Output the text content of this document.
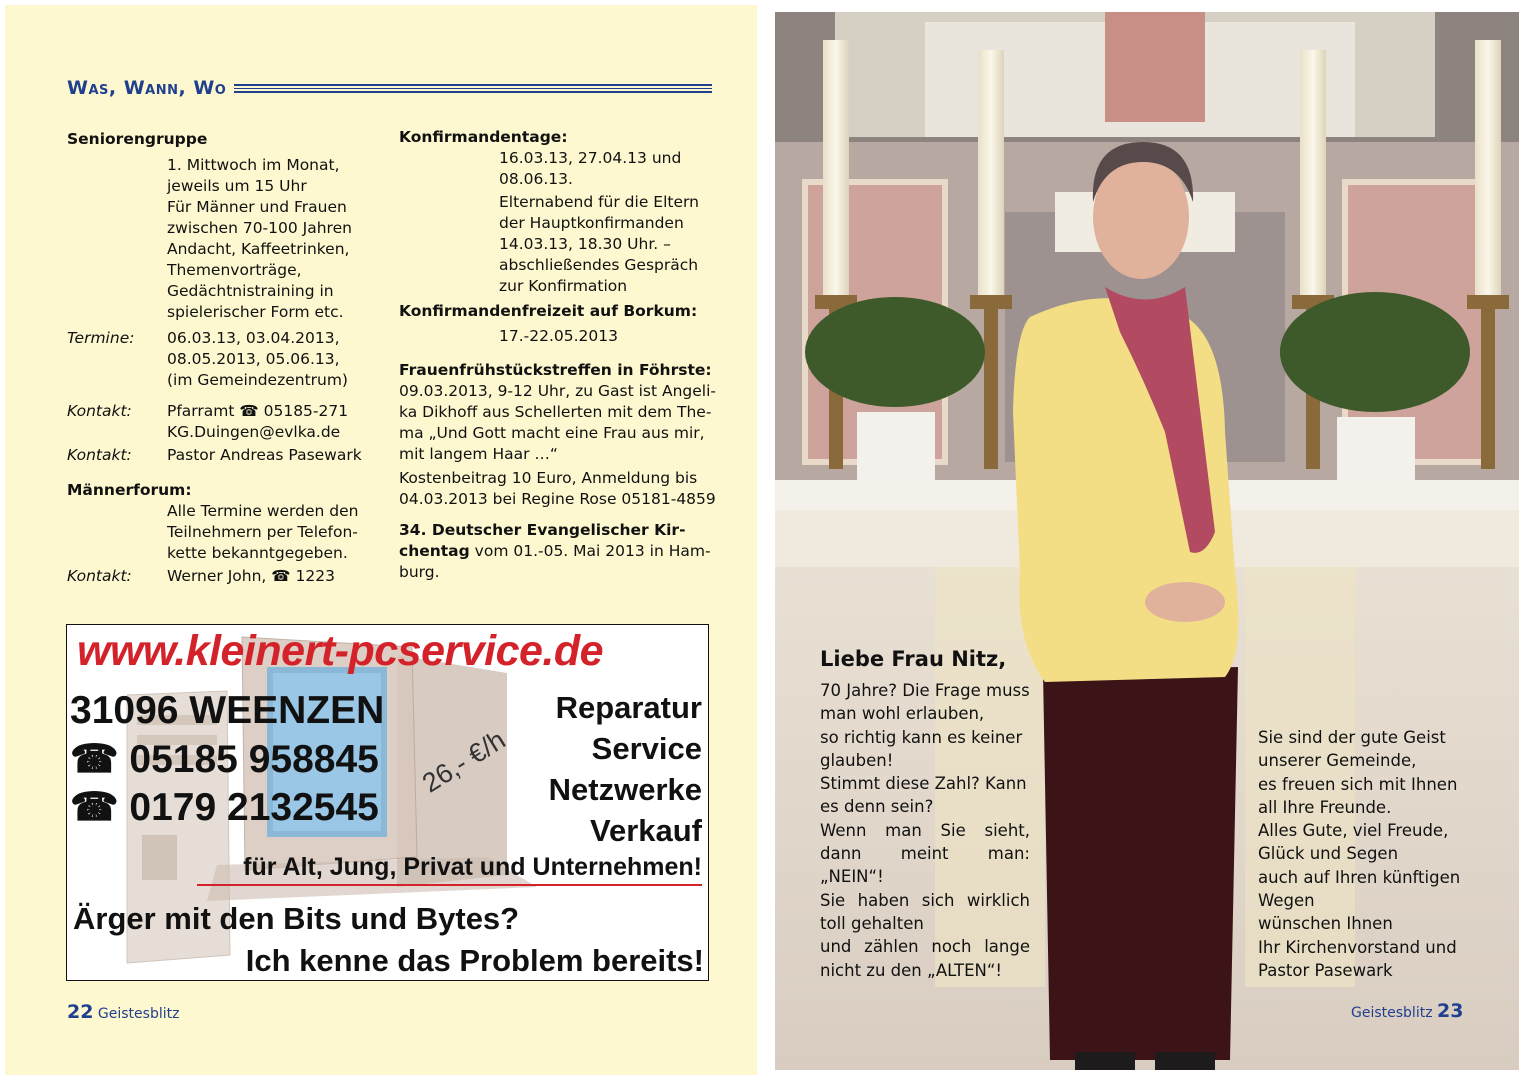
Was, Wann, Wo
Seniorengruppe
1. Mittwoch im Monat,
jeweils um 15 Uhr
Für Männer und Frauen
zwischen 70-100 Jahren
Andacht, Kaffeetrinken,
Themenvorträge,
Gedächtnistraining in
spielerischer Form etc.
Termine:	06.03.13, 03.04.2013,
08.05.2013, 05.06.13,
(im Gemeindezentrum)
Kontakt:	Pfarramt ☎ 05185-271
KG.Duingen@evlka.de
Kontakt:	Pastor Andreas Pasewark
Männerforum:
Alle Termine werden den
Teilnehmern per Telefon-
kette bekanntgegeben.
Kontakt:	Werner John, ☎ 1223
Konfirmandentage:
16.03.13, 27.04.13 und
08.06.13.
Elternabend für die Eltern
der Hauptkonfirmanden
14.03.13, 18.30 Uhr. –
abschließendes Gespräch
zur Konfirmation
Konfirmandenfreizeit auf Borkum:
17.-22.05.2013
Frauenfrühstückstreffen in Föhrste:
09.03.2013, 9-12 Uhr, zu Gast ist Angeli-
ka Dikhoff aus Schellerten mit dem The-
ma „Und Gott macht eine Frau aus mir,
mit langem Haar …“
Kostenbeitrag 10 Euro, Anmeldung bis
04.03.2013 bei Regine Rose 05181-4859
34. Deutscher Evangelischer Kir-
chentag vom 01.-05. Mai 2013 in Ham-
burg.
www.kleinert-pcservice.de
31096 WEENZEN
☎ 05185 958845
☎ 0179 2132545
26,- €/h
Reparatur
Service
Netzwerke
Verkauf
für Alt, Jung, Privat und Unternehmen!
Ärger mit den Bits und Bytes?
Ich kenne das Problem bereits!
22 Geistesblitz
Liebe Frau Nitz,
70 Jahre? Die Frage muss
man wohl erlauben,
so richtig kann es keiner
glauben!
Stimmt diese Zahl? Kann
es denn sein?
Wenn man Sie sieht,
dann meint man:
„NEIN“!
Sie haben sich wirklich
toll gehalten
und zählen noch lange
nicht zu den „ALTEN“!
Sie sind der gute Geist
unserer Gemeinde,
es freuen sich mit Ihnen
all Ihre Freunde.
Alles Gute, viel Freude,
Glück und Segen
auch auf Ihren künftigen
Wegen
wünschen Ihnen
Ihr Kirchenvorstand und
Pastor Pasewark
Geistesblitz 23
